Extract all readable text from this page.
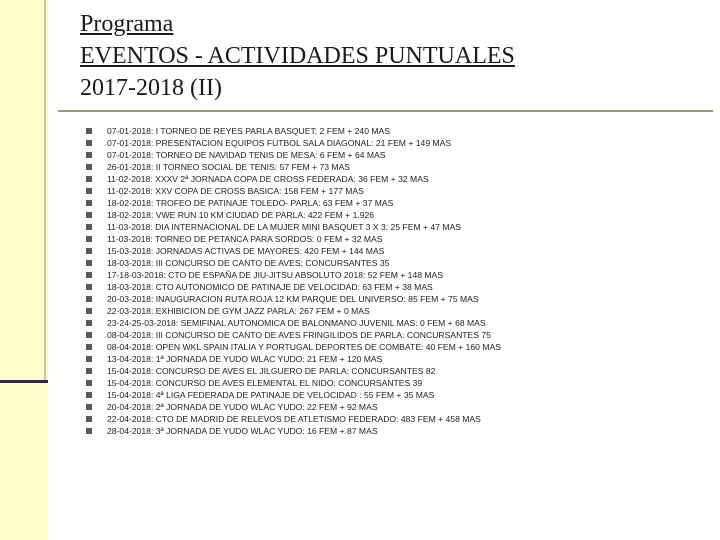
Programa
EVENTOS - ACTIVIDADES PUNTUALES
2017-2018 (II)
07-01-2018: I TORNEO DE REYES PARLA BASQUET: 2 FEM + 240 MAS
07-01-2018: PRESENTACION EQUIPOS FUTBOL SALA DIAGONAL: 21 FEM + 149 MAS
07-01-2018: TORNEO DE NAVIDAD TENIS DE MESA: 6 FEM + 64 MAS
26-01-2018: II TORNEO SOCIAL DE TENIS: 57 FEM + 73 MAS
11-02-2018: XXXV 2ª JORNADA COPA DE CROSS FEDERADA: 36 FEM + 32 MAS
11-02-2018: XXV COPA DE CROSS BASICA: 158 FEM + 177 MAS
18-02-2018: TROFEO DE PATINAJE TOLEDO- PARLA: 63 FEM + 37 MAS
18-02-2018: VWE RUN 10 KM CIUDAD DE PARLA: 422 FEM + 1.926
11-03-2018: DIA INTERNACIONAL DE LA MUJER MINI BASQUET 3 X 3: 25 FEM + 47 MAS
11-03-2018: TORNEO DE PETANCA PARA SORDOS: 0 FEM + 32 MAS
15-03-2018: JORNADAS ACTIVAS DE MAYORES: 420 FEM + 144 MAS
18-03-2018: III CONCURSO DE CANTO DE AVES: CONCURSANTES 35
17-18-03-2018: CTO DE ESPAÑA DE JIU-JITSU ABSOLUTO 2018: 52 FEM + 148 MAS
18-03-2018: CTO AUTONOMICO DE PATINAJE DE VELOCIDAD: 63 FEM + 38 MAS
20-03-2018: INAUGURACION RUTA ROJA 12 KM PARQUE DEL UNIVERSO: 85 FEM + 75 MAS
22-03-2018: EXHIBICION DE GYM JAZZ PARLA: 267 FEM + 0 MAS
23-24-25-03-2018: SEMIFINAL AUTONOMICA DE BALONMANO JUVENIL MAS: 0 FEM + 68 MAS
08-04-2018: III CONCURSO DE CANTO DE AVES FRINGILIDOS DE PARLA: CONCURSANTES 75
08-04-2018: OPEN WKL SPAIN ITALIA Y PORTUGAL DEPORTES DE COMBATE: 40 FEM + 160 MAS
13-04-2018: 1ª JORNADA DE YUDO WLAC YUDO: 21 FEM + 120 MAS
15-04-2018: CONCURSO DE AVES EL JILGUERO DE PARLA: CONCURSANTES 82
15-04-2018: CONCURSO DE AVES ELEMENTAL EL NIDO: CONCURSANTES 39
15-04-2018: 4ª LIGA FEDERADA DE PATINAJE DE VELOCIDAD : 55 FEM + 35 MAS
20-04-2018: 2ª JORNADA DE YUDO WLAC YUDO: 22 FEM + 92 MAS
22-04-2018: CTO DE MADRID DE RELEVOS DE ATLETISMO FEDERADO: 483 FEM + 458 MAS
28-04-2018: 3ª JORNADA DE YUDO WLAC YUDO: 16 FEM + 87 MAS
